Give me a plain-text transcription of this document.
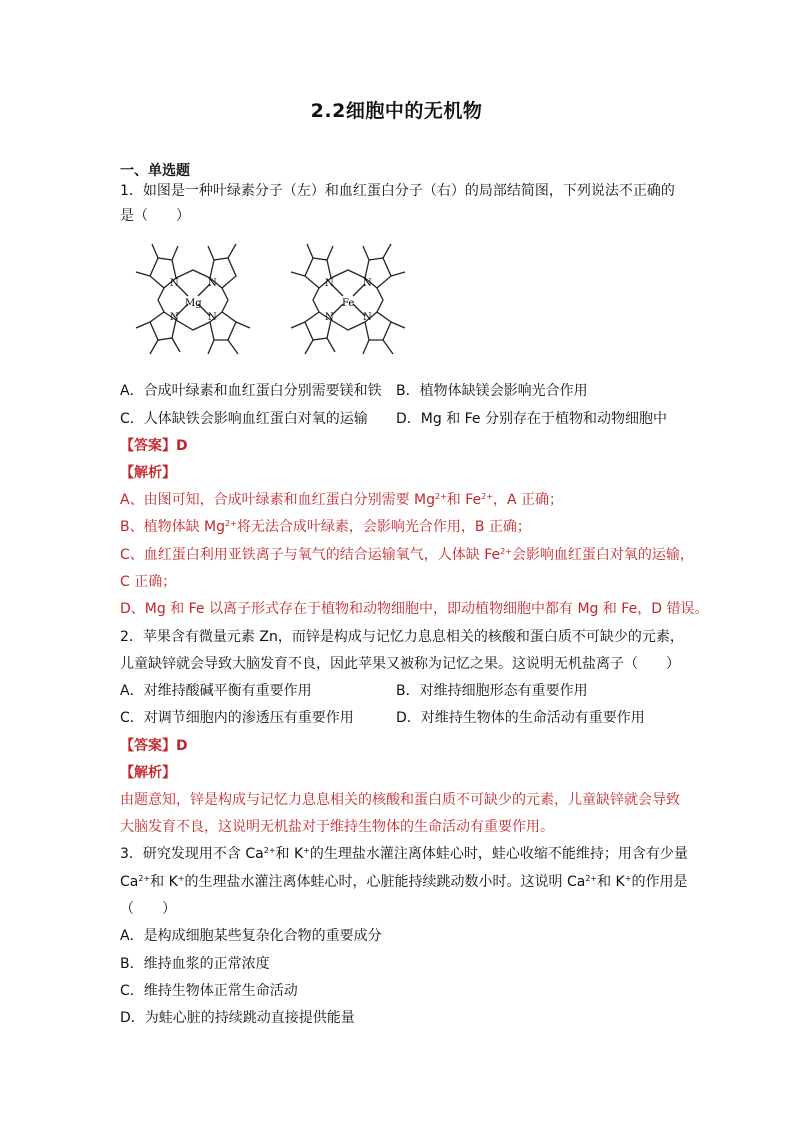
2.2细胞中的无机物
一、单选题
1．如图是一种叶绿素分子（左）和血红蛋白分子（右）的局部结简图，下列说法不正确的
是（　　）
N	N
N	N
Mg
N	N
N	N
Fe
A．合成叶绿素和血红蛋白分别需要镁和铁 B．植物体缺镁会影响光合作用
C．人体缺铁会影响血红蛋白对氧的运输 D．Mg 和 Fe 分别存在于植物和动物细胞中
【答案】D
【解析】
A、由图可知，合成叶绿素和血红蛋白分别需要 $Mg^{2+}$和 $Fe^{2+}$，A 正确；
B、植物体缺 $Mg^{2+}$将无法合成叶绿素，会影响光合作用，B 正确；
C、血红蛋白利用亚铁离子与氧气的结合运输氧气，人体缺 $Fe^{2+}$会影响血红蛋白对氧的运输，
C 正确；
D、Mg 和 Fe 以离子形式存在于植物和动物细胞中，即动植物细胞中都有 Mg 和 Fe，D 错误。
2．苹果含有微量元素 Zn，而锌是构成与记忆力息息相关的核酸和蛋白质不可缺少的元素，
儿童缺锌就会导致大脑发育不良，因此苹果又被称为记忆之果。这说明无机盐离子（　　）
A．对维持酸碱平衡有重要作用	B．对维持细胞形态有重要作用
C．对调节细胞内的渗透压有重要作用	D．对维持生物体的生命活动有重要作用
【答案】D
【解析】
由题意知，锌是构成与记忆力息息相关的核酸和蛋白质不可缺少的元素，儿童缺锌就会导致
大脑发育不良，这说明无机盐对于维持生物体的生命活动有重要作用。
3．研究发现用不含 $Ca^{2+}$和 K+的生理盐水灌注离体蛙心时，蛙心收缩不能维持；用含有少量
$Ca^{2+}$和 K+的生理盐水灌注离体蛙心时，心脏能持续跳动数小时。这说明 $Ca^{2+}$和 K+的作用是
（　　）
A．是构成细胞某些复杂化合物的重要成分
B．维持血浆的正常浓度
C．维持生物体正常生命活动
D．为蛙心脏的持续跳动直接提供能量
